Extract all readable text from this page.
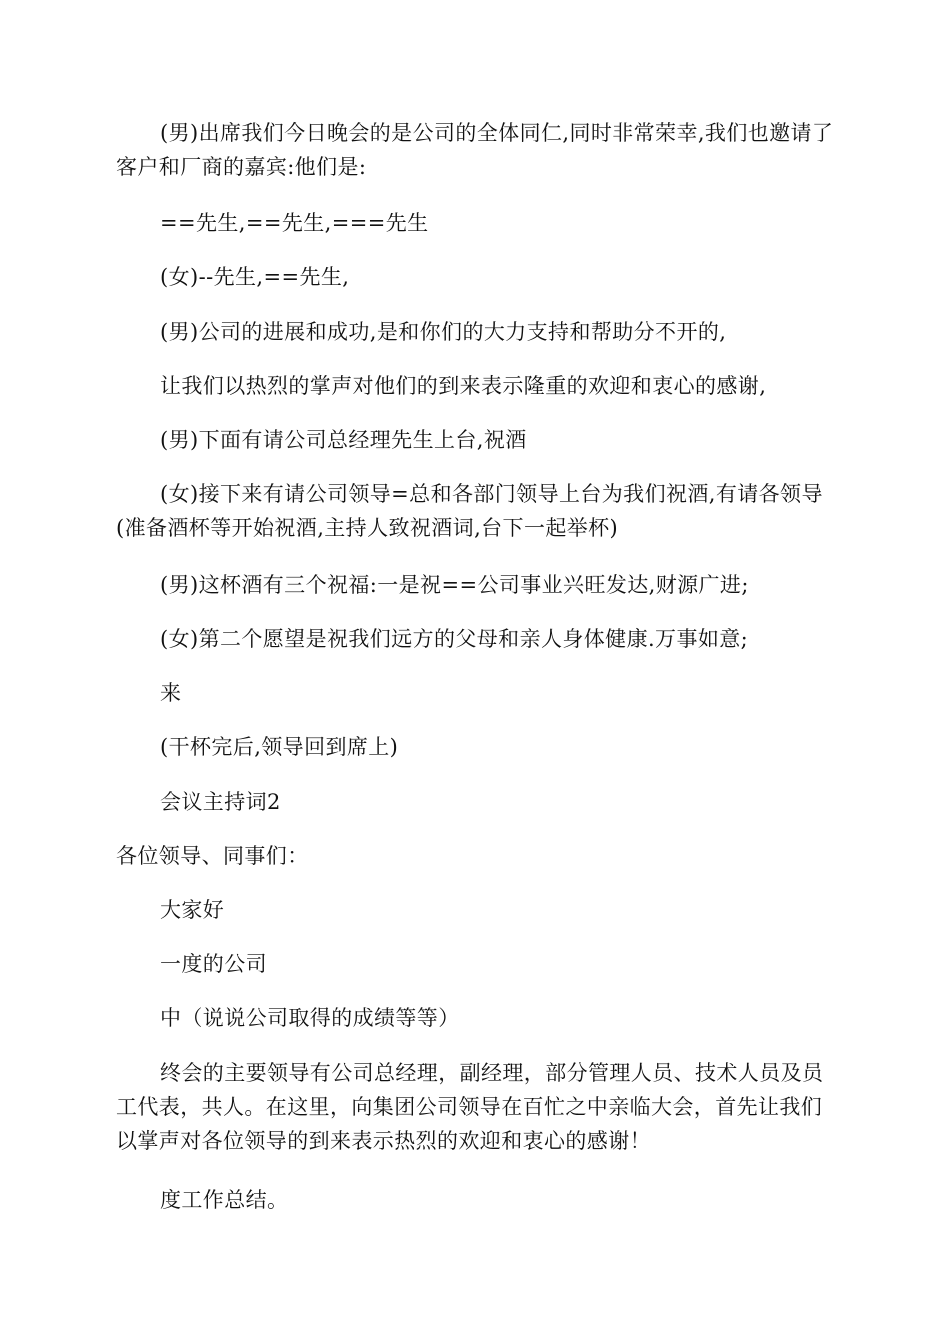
(男)出席我们今日晚会的是公司的全体同仁,同时非常荣幸,我们也邀请了客户和厂商的嘉宾:他们是:
==先生,==先生,===先生
(女)--先生,==先生,
(男)公司的进展和成功,是和你们的大力支持和帮助分不开的,
让我们以热烈的掌声对他们的到来表示隆重的欢迎和衷心的感谢,
(男)下面有请公司总经理先生上台,祝酒
(女)接下来有请公司领导=总和各部门领导上台为我们祝酒,有请各领导(准备酒杯等开始祝酒,主持人致祝酒词,台下一起举杯)
(男)这杯酒有三个祝福:一是祝==公司事业兴旺发达,财源广进;
(女)第二个愿望是祝我们远方的父母和亲人身体健康.万事如意;
来
(干杯完后,领导回到席上)
会议主持词2
各位领导、同事们：
大家好
一度的公司
中（说说公司取得的成绩等等）
终会的主要领导有公司总经理，副经理，部分管理人员、技术人员及员工代表，共人。在这里，向集团公司领导在百忙之中亲临大会，首先让我们以掌声对各位领导的到来表示热烈的欢迎和衷心的感谢！
度工作总结。
